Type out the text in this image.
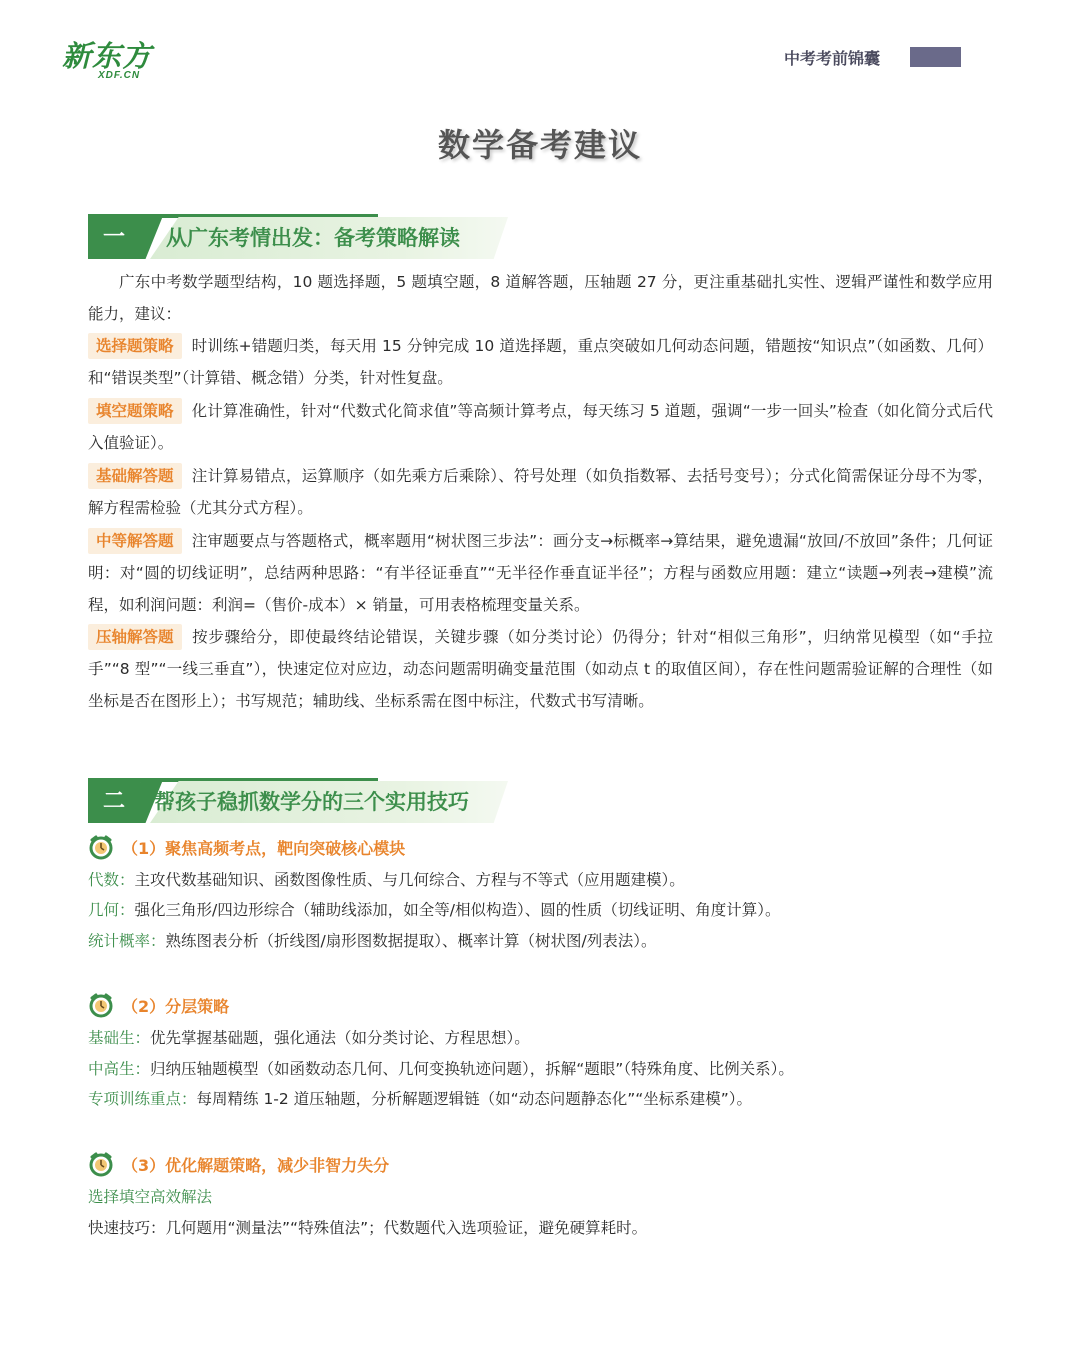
新东方
XDF.CN
中考考前锦囊
数学备考建议
一	从广东考情出发：备考策略解读
广东中考数学题型结构，10 题选择题，5 题填空题，8 道解答题，压轴题 27 分，更注重基础扎实性、逻辑严谨性和数学应用能力，建议：
选择题策略 时训练+错题归类，每天用 15 分钟完成 10 道选择题，重点突破如几何动态问题，错题按“知识点”（如函数、几何）和“错误类型”（计算错、概念错）分类，针对性复盘。
填空题策略 化计算准确性，针对“代数式化简求值”等高频计算考点，每天练习 5 道题，强调“一步一回头”检查（如化简分式后代入值验证）。
基础解答题 注计算易错点，运算顺序（如先乘方后乘除）、符号处理（如负指数幂、去括号变号）；分式化简需保证分母不为零，解方程需检验（尤其分式方程）。
中等解答题 注审题要点与答题格式，概率题用“树状图三步法”：画分支→标概率→算结果，避免遗漏“放回/不放回”条件；几何证明：对“圆的切线证明”，总结两种思路：“有半径证垂直”“无半径作垂直证半径”；方程与函数应用题：建立“读题→列表→建模”流程，如利润问题：利润=（售价-成本）× 销量，可用表格梳理变量关系。
压轴解答题 按步骤给分，即使最终结论错误，关键步骤（如分类讨论）仍得分；针对“相似三角形”，归纳常见模型（如“手拉手”“8 型”“一线三垂直”），快速定位对应边，动态问题需明确变量范围（如动点 t 的取值区间），存在性问题需验证解的合理性（如坐标是否在图形上）；书写规范；辅助线、坐标系需在图中标注，代数式书写清晰。
二	帮孩子稳抓数学分的三个实用技巧
（1）聚焦高频考点，靶向突破核心模块
代数：主攻代数基础知识、函数图像性质、与几何综合、方程与不等式（应用题建模）。
几何：强化三角形/四边形综合（辅助线添加，如全等/相似构造）、圆的性质（切线证明、角度计算）。
统计概率：熟练图表分析（折线图/扇形图数据提取）、概率计算（树状图/列表法）。
（2）分层策略
基础生：优先掌握基础题，强化通法（如分类讨论、方程思想）。
中高生：归纳压轴题模型（如函数动态几何、几何变换轨迹问题），拆解“题眼”（特殊角度、比例关系）。
专项训练重点：每周精练 1-2 道压轴题，分析解题逻辑链（如“动态问题静态化”“坐标系建模”）。
（3）优化解题策略，减少非智力失分
选择填空高效解法
快速技巧：几何题用“测量法”“特殊值法”；代数题代入选项验证，避免硬算耗时。
